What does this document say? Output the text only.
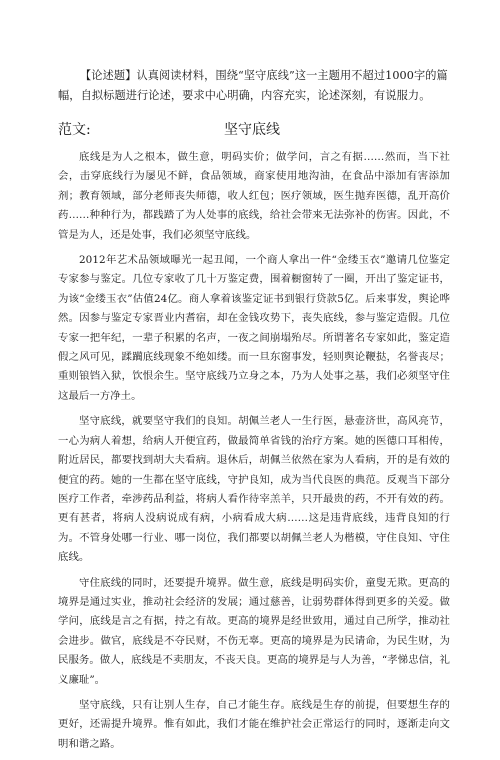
【论述题】认真阅读材料，围绕“坚守底线”这一主题用不超过1000字的篇幅，自拟标题进行论述，要求中心明确，内容充实，论述深刻，有说服力。

范文:	坚守底线

底线是为人之根本，做生意，明码实价；做学问，言之有据……然而，当下社会，击穿底线行为屡见不鲜，食品领域，商家使用地沟油，在食品中添加有害添加剂；教育领域，部分老师丧失师德，收人红包；医疗领域，医生抛弃医德，乱开高价药……种种行为，都践踏了为人处事的底线，给社会带来无法弥补的伤害。因此，不管是为人，还是处事，我们必须坚守底线。

2012年艺术品领域曝光一起丑闻，一个商人拿出一件“金缕玉衣”邀请几位鉴定专家参与鉴定。几位专家收了几十万鉴定费，围着橱窗转了一圈，开出了鉴定证书，为该“金缕玉衣”估值24亿。商人拿着该鉴定证书到银行贷款5亿。后来事发，舆论哗然。因参与鉴定专家晋业内耆宿，却在金钱攻势下，丧失底线，参与鉴定造假。几位专家一把年纪，一辈子积累的名声，一夜之间崩塌殆尽。所谓著名专家如此，鉴定造假之风可见，蹂躏底线现象不绝如缕。而一旦东窗事发，轻则舆论鞭挞，名誉丧尽；重则锒铛入狱，饮恨余生。坚守底线乃立身之本，乃为人处事之基，我们必须坚守住这最后一方净土。

坚守底线，就要坚守我们的良知。胡佩兰老人一生行医，悬壶济世，高风亮节，一心为病人着想，给病人开便宜药，做最简单省钱的治疗方案。她的医德口耳相传，附近居民，都要找到胡大夫看病。退休后，胡佩兰依然在家为人看病，开的是有效的便宜的药。她的一生都在坚守底线，守护良知，成为当代良医的典范。反观当下部分医疗工作者，牵涉药品利益，将病人看作待宰羔羊，只开最贵的药，不开有效的药。更有甚者，将病人没病说成有病，小病看成大病……这是违背底线，违背良知的行为。不管身处哪一行业、哪一岗位，我们都要以胡佩兰老人为楷模，守住良知、守住底线。

守住底线的同时，还要提升境界。做生意，底线是明码实价，童叟无欺。更高的境界是通过实业，推动社会经济的发展；通过慈善，让弱势群体得到更多的关爱。做学问，底线是言之有据，持之有故。更高的境界是经世致用，通过自己所学，推动社会进步。做官，底线是不夺民财，不伤无辜。更高的境界是为民请命，为民生财，为民服务。做人，底线是不卖朋友，不丧天良。更高的境界是与人为善，“孝悌忠信，礼义廉耻”。

坚守底线，只有让别人生存，自己才能生存。底线是生存的前提，但要想生存的更好，还需提升境界。惟有如此，我们才能在维护社会正常运行的同时，逐渐走向文明和谐之路。
